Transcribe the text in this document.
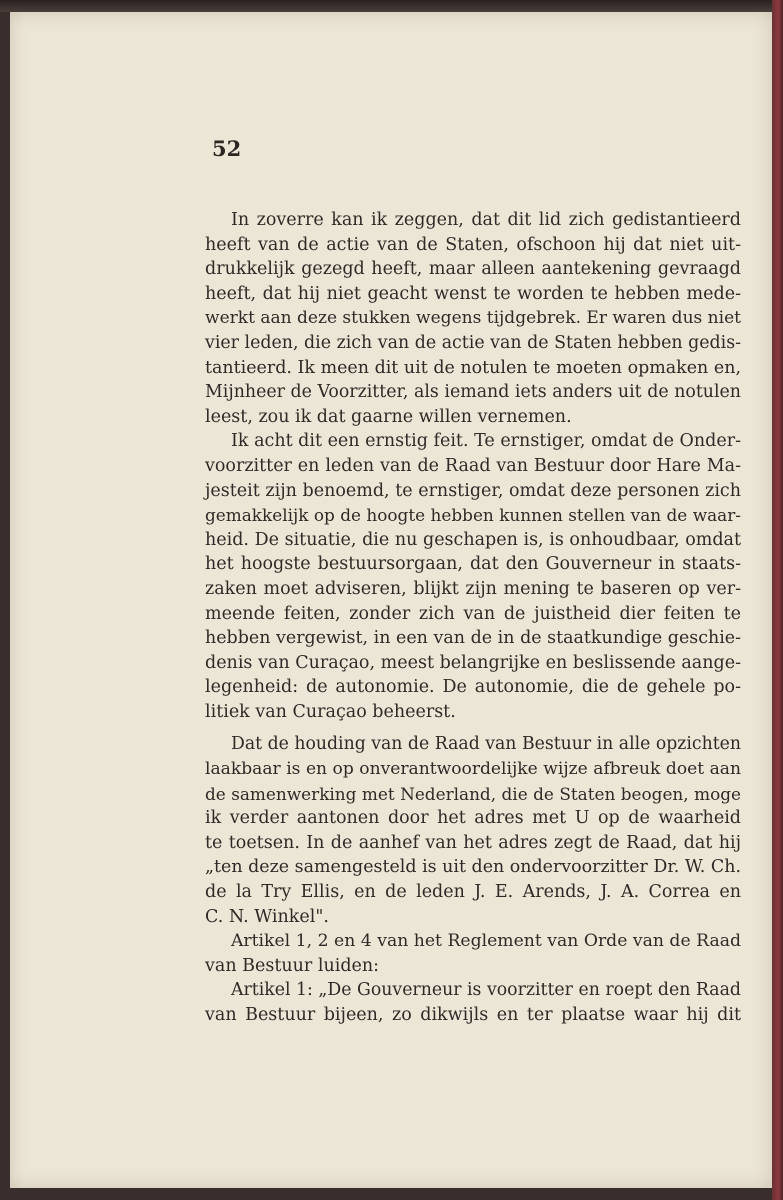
52
In zoverre kan ik zeggen, dat dit lid zich gedistantieerd
heeft van de actie van de Staten, ofschoon hij dat niet uit-
drukkelijk gezegd heeft, maar alleen aantekening gevraagd
heeft, dat hij niet geacht wenst te worden te hebben mede-
werkt aan deze stukken wegens tijdgebrek. Er waren dus niet
vier leden, die zich van de actie van de Staten hebben gedis-
tantieerd. Ik meen dit uit de notulen te moeten opmaken en,
Mijnheer de Voorzitter, als iemand iets anders uit de notulen
leest, zou ik dat gaarne willen vernemen.
Ik acht dit een ernstig feit. Te ernstiger, omdat de Onder-
voorzitter en leden van de Raad van Bestuur door Hare Ma-
jesteit zijn benoemd, te ernstiger, omdat deze personen zich
gemakkelijk op de hoogte hebben kunnen stellen van de waar-
heid. De situatie, die nu geschapen is, is onhoudbaar, omdat
het hoogste bestuursorgaan, dat den Gouverneur in staats-
zaken moet adviseren, blijkt zijn mening te baseren op ver-
meende feiten, zonder zich van de juistheid dier feiten te
hebben vergewist, in een van de in de staatkundige geschie-
denis van Curaçao, meest belangrijke en beslissende aange-
legenheid: de autonomie. De autonomie, die de gehele po-
litiek van Curaçao beheerst.
Dat de houding van de Raad van Bestuur in alle opzichten
laakbaar is en op onverantwoordelijke wijze afbreuk doet aan
de samenwerking met Nederland, die de Staten beogen, moge
ik verder aantonen door het adres met U op de waarheid
te toetsen. In de aanhef van het adres zegt de Raad, dat hij
„ten deze samengesteld is uit den ondervoorzitter Dr. W. Ch.
de la Try Ellis, en de leden J. E. Arends, J. A. Correa en
C. N. Winkel".
Artikel 1, 2 en 4 van het Reglement van Orde van de Raad
van Bestuur luiden:
Artikel 1: „De Gouverneur is voorzitter en roept den Raad
van Bestuur bijeen, zo dikwijls en ter plaatse waar hij dit
